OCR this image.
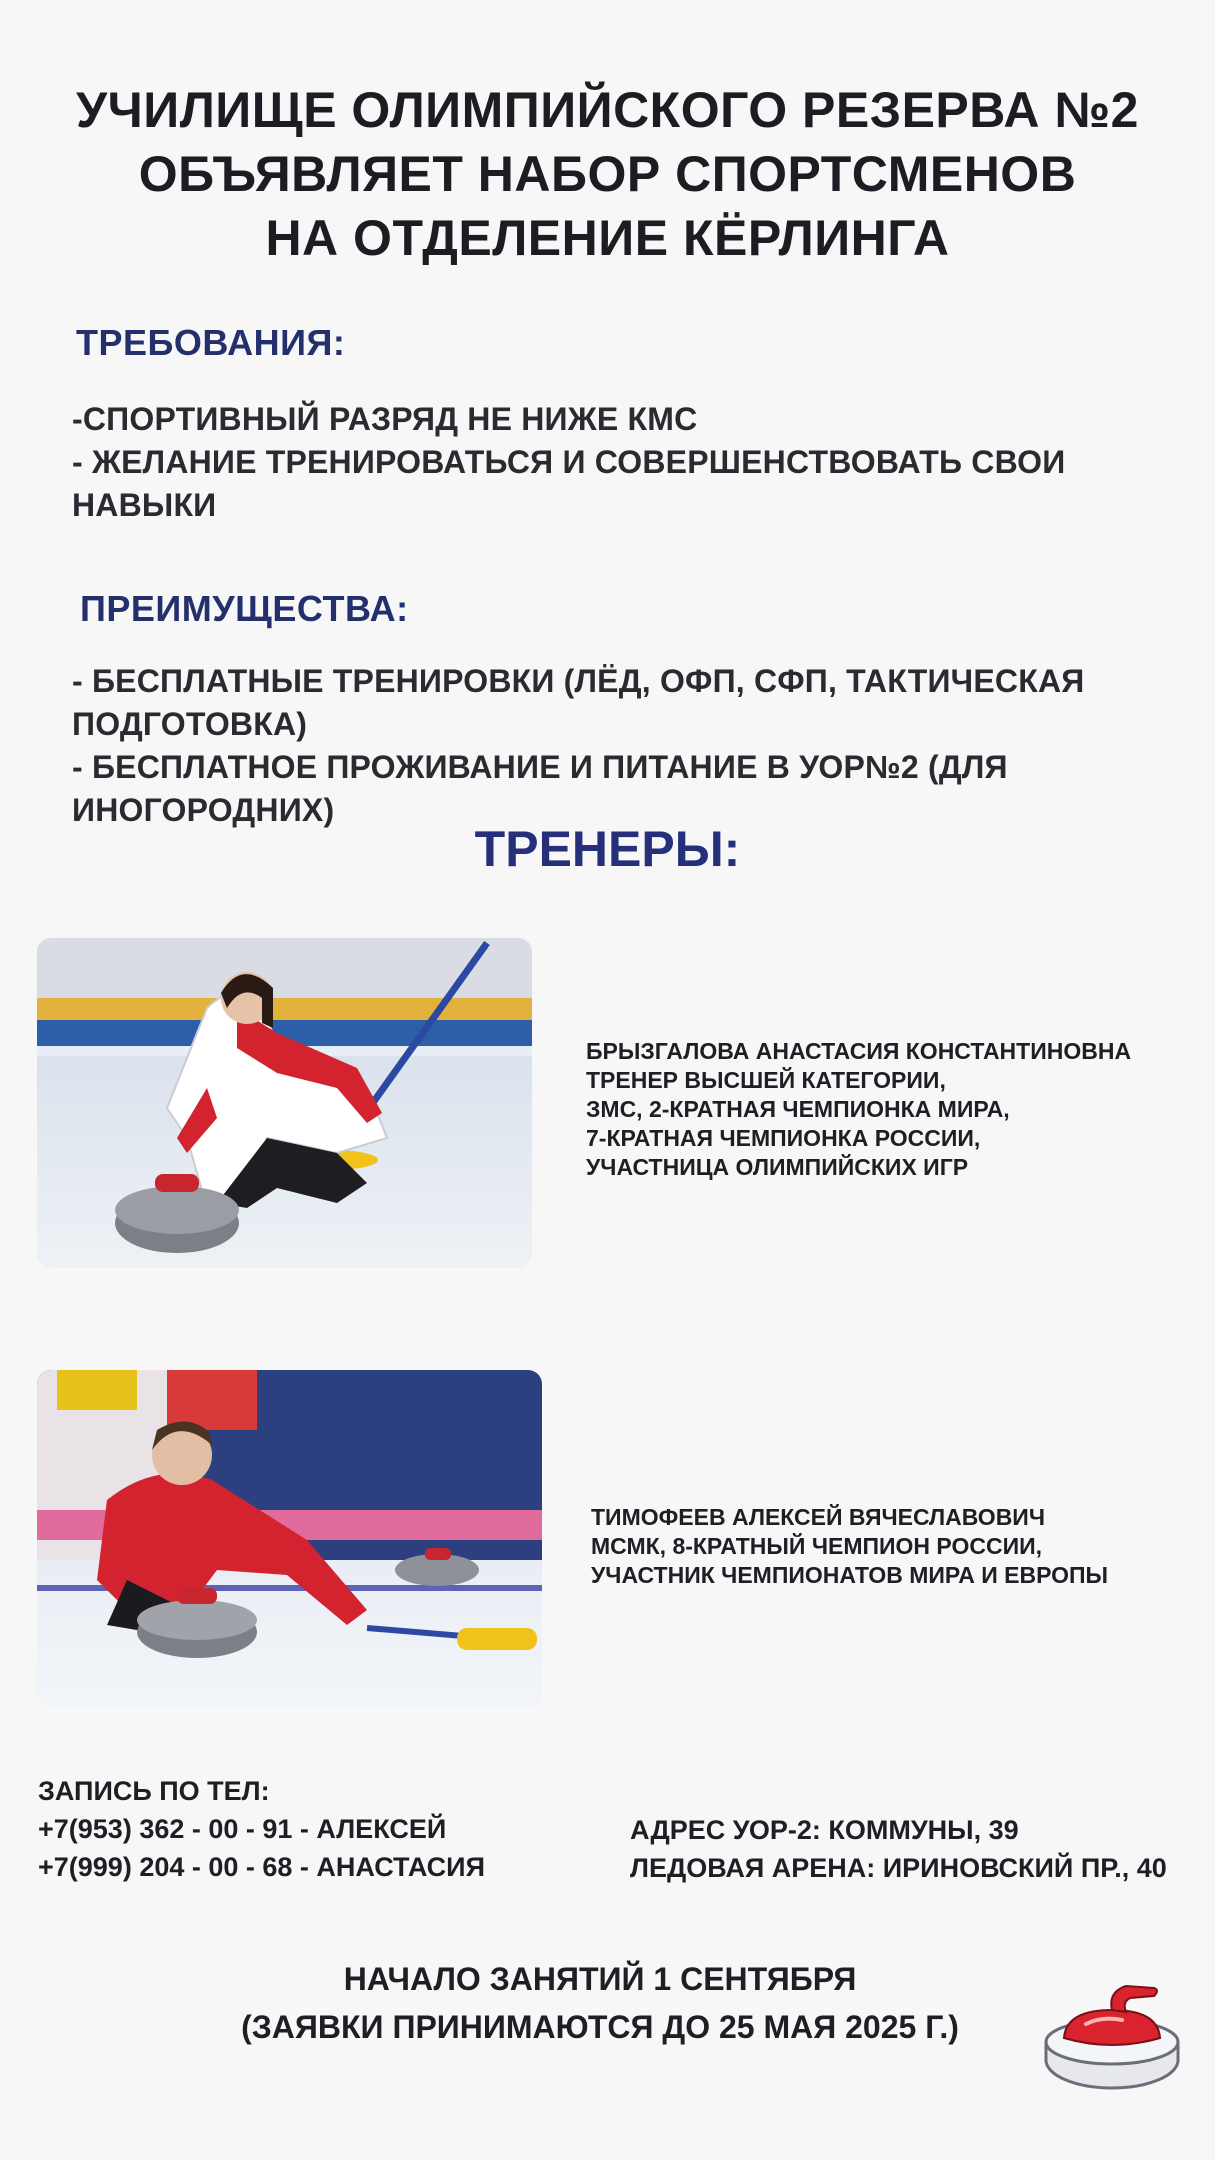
УЧИЛИЩЕ ОЛИМПИЙСКОГО РЕЗЕРВА №2
ОБЪЯВЛЯЕТ НАБОР СПОРТСМЕНОВ
НА ОТДЕЛЕНИЕ КЁРЛИНГА
ТРЕБОВАНИЯ:
-СПОРТИВНЫЙ РАЗРЯД НЕ НИЖЕ КМС
- ЖЕЛАНИЕ ТРЕНИРОВАТЬСЯ И СОВЕРШЕНСТВОВАТЬ СВОИ
НАВЫКИ
ПРЕИМУЩЕСТВА:
- БЕСПЛАТНЫЕ ТРЕНИРОВКИ (ЛЁД, ОФП, СФП, ТАКТИЧЕСКАЯ
ПОДГОТОВКА)
- БЕСПЛАТНОЕ ПРОЖИВАНИЕ И ПИТАНИЕ В УОР№2 (ДЛЯ
ИНОГОРОДНИХ)
ТРЕНЕРЫ:
БРЫЗГАЛОВА АНАСТАСИЯ КОНСТАНТИНОВНА
ТРЕНЕР ВЫСШЕЙ КАТЕГОРИИ,
ЗМС, 2-КРАТНАЯ ЧЕМПИОНКА МИРА,
7-КРАТНАЯ ЧЕМПИОНКА РОССИИ,
УЧАСТНИЦА ОЛИМПИЙСКИХ ИГР
ТИМОФЕЕВ АЛЕКСЕЙ ВЯЧЕСЛАВОВИЧ
МСМК, 8-КРАТНЫЙ ЧЕМПИОН РОССИИ,
УЧАСТНИК ЧЕМПИОНАТОВ МИРА И ЕВРОПЫ
ЗАПИСЬ ПО ТЕЛ:
+7(953) 362 - 00 - 91 - АЛЕКСЕЙ
+7(999) 204 - 00 - 68 - АНАСТАСИЯ
АДРЕС УОР-2: КОММУНЫ, 39
ЛЕДОВАЯ АРЕНА: ИРИНОВСКИЙ ПР., 40
НАЧАЛО ЗАНЯТИЙ 1 СЕНТЯБРЯ
(ЗАЯВКИ ПРИНИМАЮТСЯ ДО 25 МАЯ 2025 Г.)
